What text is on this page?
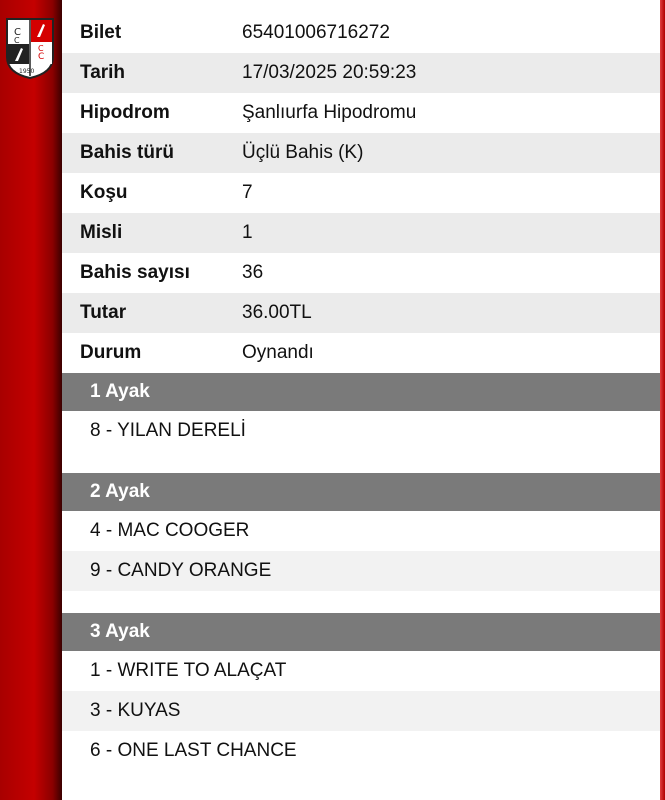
C
C
C
C
1950
Bilet	65401006716272
Tarih	17/03/2025 20:59:23
Hipodrom	Şanlıurfa Hipodromu
Bahis türü	Üçlü Bahis (K)
Koşu	7
Misli	1
Bahis sayısı	36
Tutar	36.00TL
Durum	Oynandı
1 Ayak
8 - YILAN DERELİ
2 Ayak
4 - MAC COOGER
9 - CANDY ORANGE
3 Ayak
1 - WRITE TO ALAÇAT
3 - KUYAS
6 - ONE LAST CHANCE
